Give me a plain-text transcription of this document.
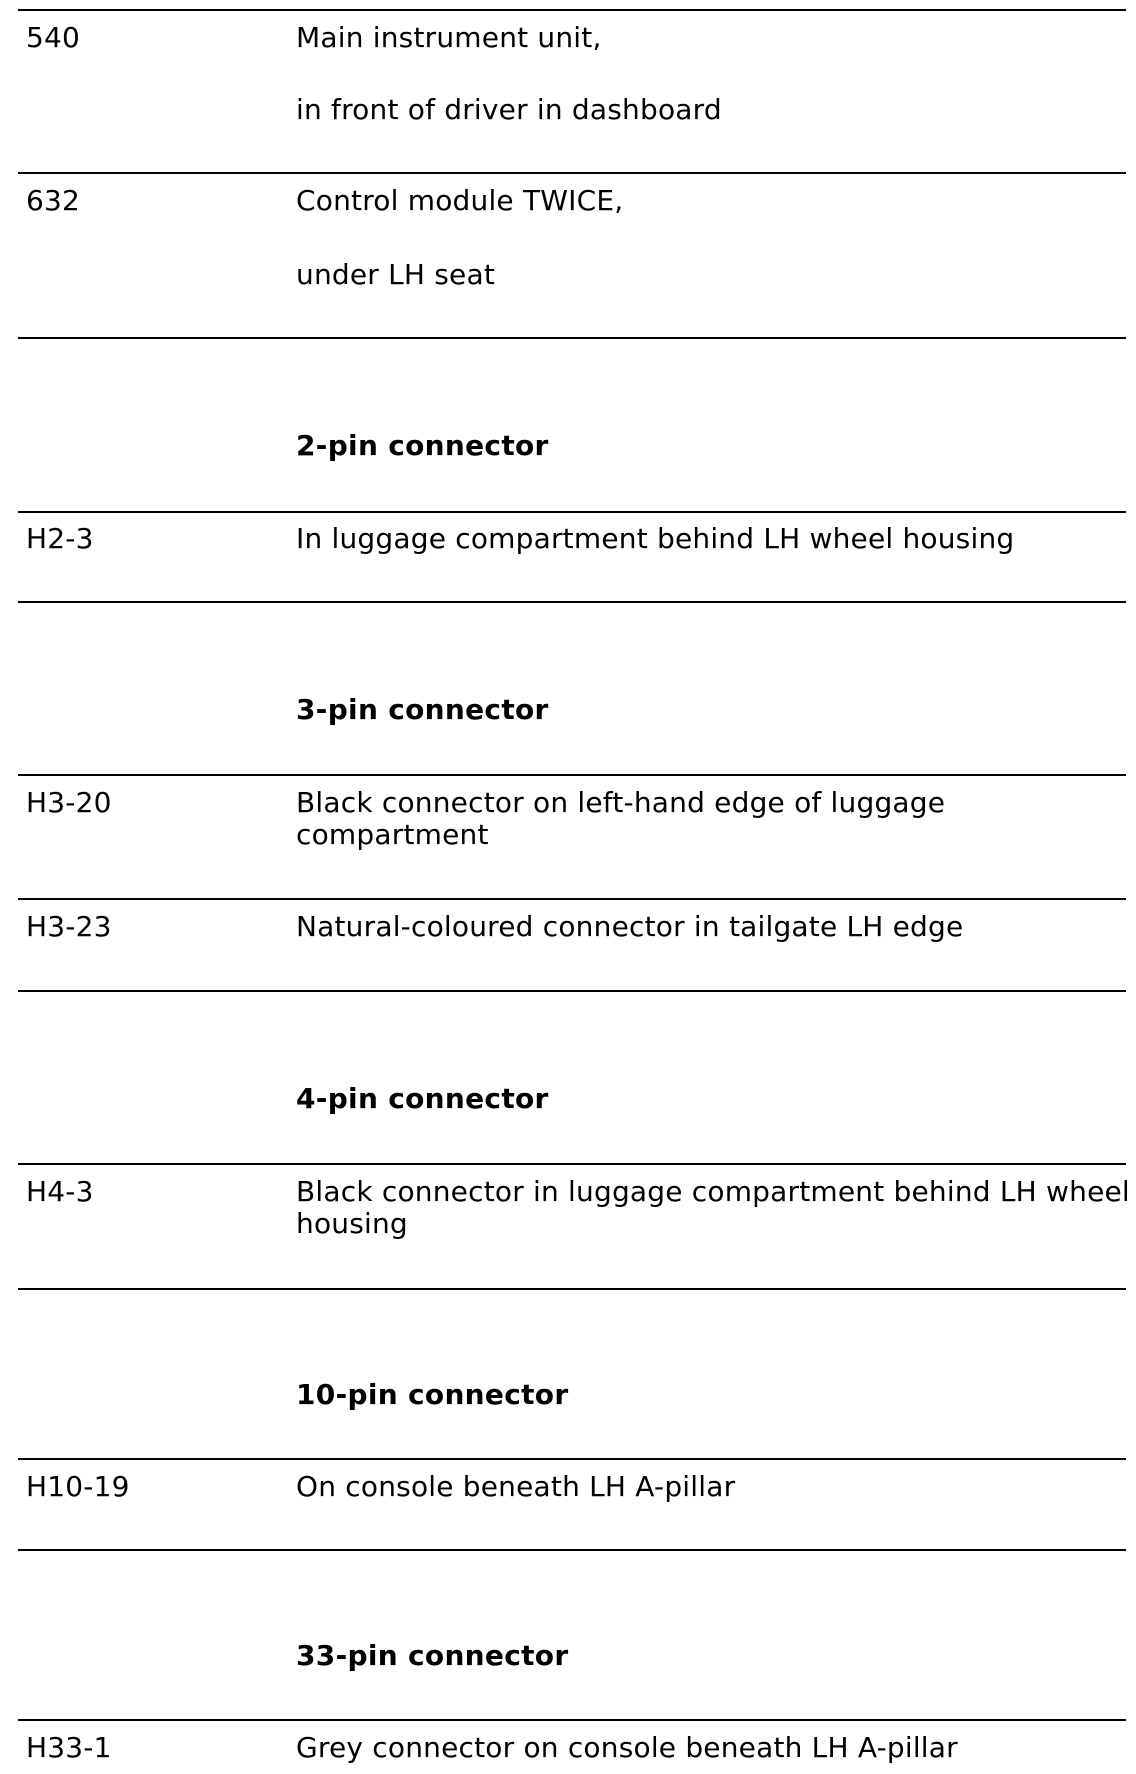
540	Main instrument unit,
in front of driver in dashboard
632	Control module TWICE,
under LH seat
2-pin connector
H2-3	In luggage compartment behind LH wheel housing
3-pin connector
H3-20	Black connector on left-hand edge of luggage
compartment
H3-23	Natural-coloured connector in tailgate LH edge
4-pin connector
H4-3	Black connector in luggage compartment behind LH wheel
housing
10-pin connector
H10-19	On console beneath LH A-pillar
33-pin connector
H33-1	Grey connector on console beneath LH A-pillar
